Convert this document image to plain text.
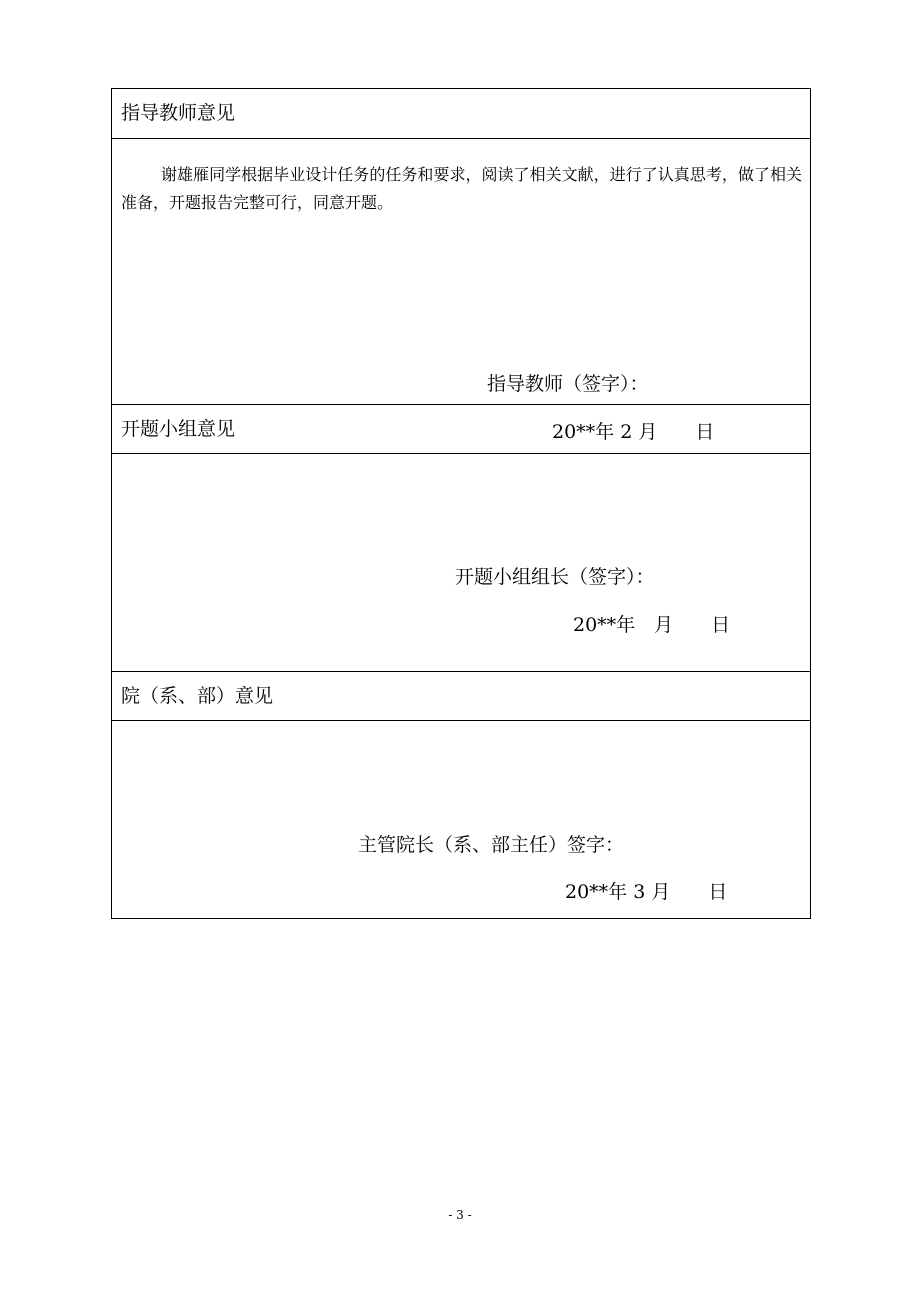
指导教师意见
谢雄雁同学根据毕业设计任务的任务和要求，阅读了相关文献，进行了认真思考，做了相关准备，开题报告完整可行，同意开题。
指导教师（签字）：
20**年 2 月　　日
开题小组意见
开题小组组长（签字）：
20**年　月　　日
院（系、部）意见
主管院长（系、部主任）签字：
20**年 3 月　　日
- 3 -
